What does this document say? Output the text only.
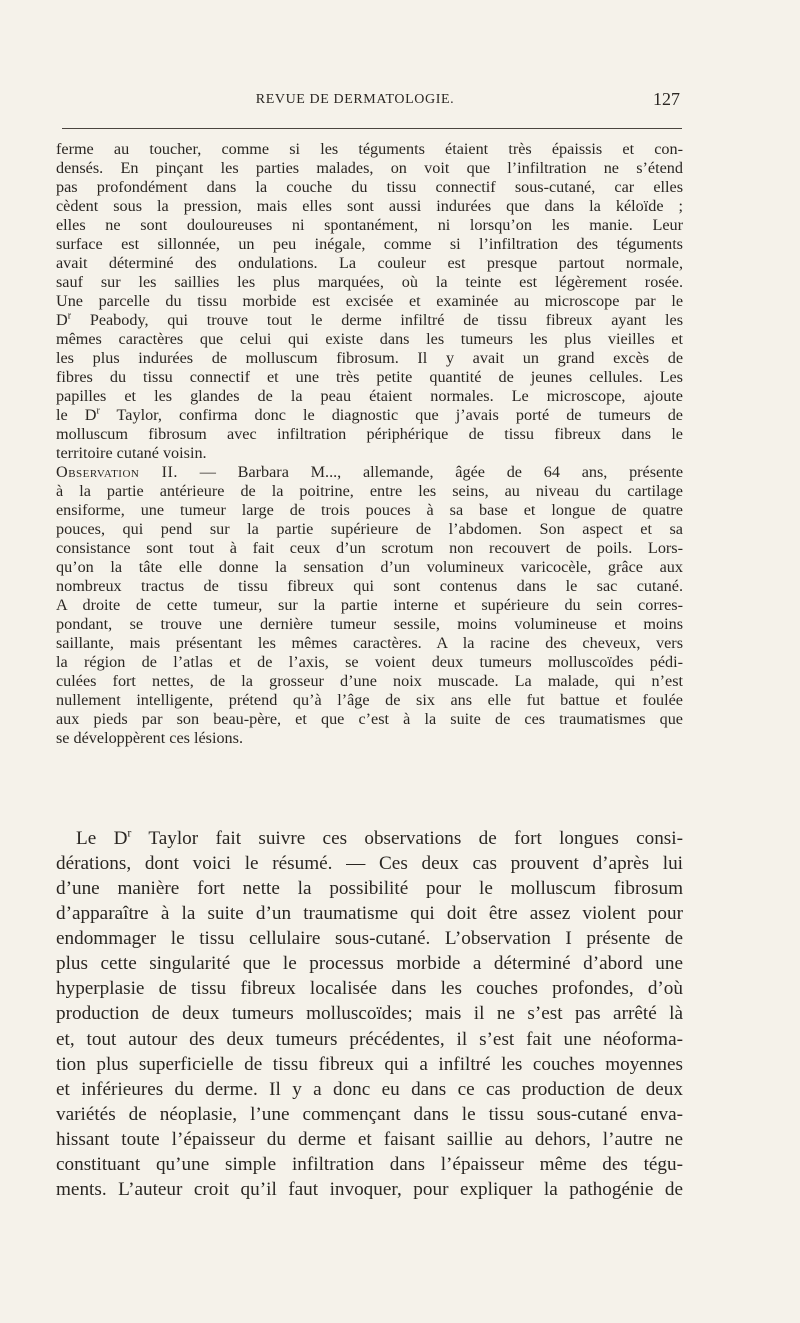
REVUE DE DERMATOLOGIE.	127
ferme au toucher, comme si les téguments étaient très épaissis et con-
densés. En pinçant les parties malades, on voit que l’infiltration ne s’étend
pas profondément dans la couche du tissu connectif sous-cutané, car elles
cèdent sous la pression, mais elles sont aussi indurées que dans la kéloïde ;
elles ne sont douloureuses ni spontanément, ni lorsqu’on les manie. Leur
surface est sillonnée, un peu inégale, comme si l’infiltration des téguments
avait déterminé des ondulations. La couleur est presque partout normale,
sauf sur les saillies les plus marquées, où la teinte est légèrement rosée.
Une parcelle du tissu morbide est excisée et examinée au microscope par le
$D^r$ Peabody, qui trouve tout le derme infiltré de tissu fibreux ayant les
mêmes caractères que celui qui existe dans les tumeurs les plus vieilles et
les plus indurées de molluscum fibrosum. Il y avait un grand excès de
fibres du tissu connectif et une très petite quantité de jeunes cellules. Les
papilles et les glandes de la peau étaient normales. Le microscope, ajoute
le $D^r$ Taylor, confirma donc le diagnostic que j’avais porté de tumeurs de
molluscum fibrosum avec infiltration périphérique de tissu fibreux dans le
territoire cutané voisin.
Observation II. — Barbara M..., allemande, âgée de 64 ans, présente
à la partie antérieure de la poitrine, entre les seins, au niveau du cartilage
ensiforme, une tumeur large de trois pouces à sa base et longue de quatre
pouces, qui pend sur la partie supérieure de l’abdomen. Son aspect et sa
consistance sont tout à fait ceux d’un scrotum non recouvert de poils. Lors-
qu’on la tâte elle donne la sensation d’un volumineux varicocèle, grâce aux
nombreux tractus de tissu fibreux qui sont contenus dans le sac cutané.
A droite de cette tumeur, sur la partie interne et supérieure du sein corres-
pondant, se trouve une dernière tumeur sessile, moins volumineuse et moins
saillante, mais présentant les mêmes caractères. A la racine des cheveux, vers
la région de l’atlas et de l’axis, se voient deux tumeurs molluscoïdes pédi-
culées fort nettes, de la grosseur d’une noix muscade. La malade, qui n’est
nullement intelligente, prétend qu’à l’âge de six ans elle fut battue et foulée
aux pieds par son beau-père, et que c’est à la suite de ces traumatismes que
se développèrent ces lésions.
Le $D^r$ Taylor fait suivre ces observations de fort longues consi-
dérations, dont voici le résumé. — Ces deux cas prouvent d’après lui
d’une manière fort nette la possibilité pour le molluscum fibrosum
d’apparaître à la suite d’un traumatisme qui doit être assez violent pour
endommager le tissu cellulaire sous-cutané. L’observation I présente de
plus cette singularité que le processus morbide a déterminé d’abord une
hyperplasie de tissu fibreux localisée dans les couches profondes, d’où
production de deux tumeurs molluscoïdes; mais il ne s’est pas arrêté là
et, tout autour des deux tumeurs précédentes, il s’est fait une néoforma-
tion plus superficielle de tissu fibreux qui a infiltré les couches moyennes
et inférieures du derme. Il y a donc eu dans ce cas production de deux
variétés de néoplasie, l’une commençant dans le tissu sous-cutané enva-
hissant toute l’épaisseur du derme et faisant saillie au dehors, l’autre ne
constituant qu’une simple infiltration dans l’épaisseur même des tégu-
ments. L’auteur croit qu’il faut invoquer, pour expliquer la pathogénie de
